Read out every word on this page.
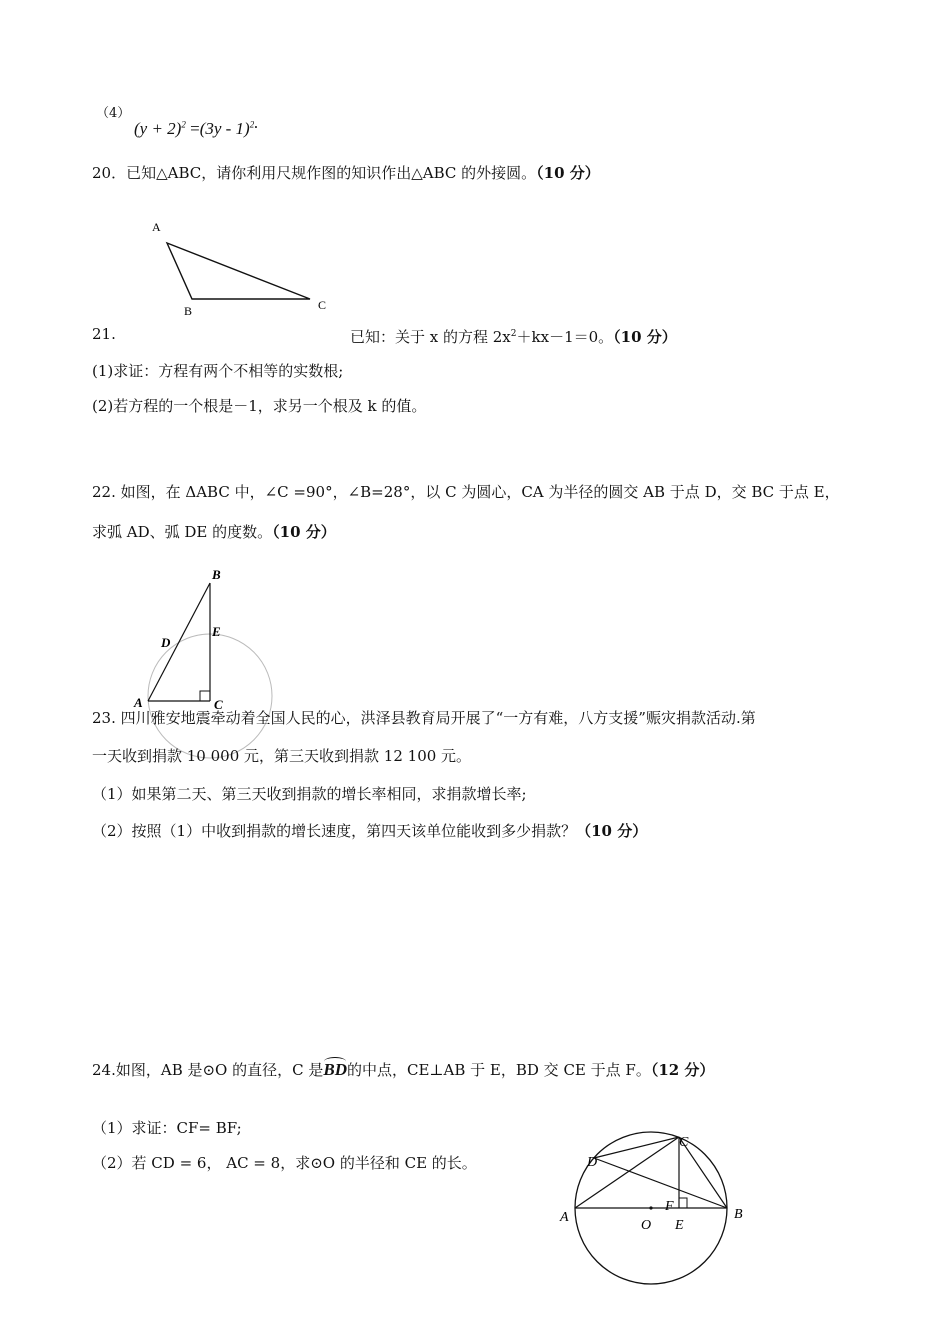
（4）
$(y + 2)^2 =(3y - 1)^2$.
20．已知△ABC，请你利用尺规作图的知识作出△ABC 的外接圆。（10 分）
A
B	C
21.	已知：关于 x 的方程 $2x^2+kx-1=0$。（10 分）
(1)求证：方程有两个不相等的实数根;
(2)若方程的一个根是－1，求另一个根及 k 的值。
22. 如图，在 ΔABC 中，∠C =90°，∠B=28°，以 C 为圆心，CA 为半径的圆交 AB 于点 D，交 BC 于点 E，
求弧 AD、弧 DE 的度数。（10 分）
B
E
D
A	C
23. 四川雅安地震牵动着全国人民的心，洪泽县教育局开展了“一方有难，八方支援”赈灾捐款活动.第
一天收到捐款 10 000 元，第三天收到捐款 12 100 元。
（1）如果第二天、第三天收到捐款的增长率相同，求捐款增长率;
（2）按照（1）中收到捐款的增长速度，第四天该单位能收到多少捐款？（10 分）
24.如图，AB 是⊙O 的直径，C 是
BD的中点，CE⊥AB 于 E，BD 交 CE 于点 F。（12 分）
（1）求证：CF= BF;
（2）若 CD = 6， AC = 8，求⊙O 的半径和 CE 的长。
C
D
A	B
F
O E
